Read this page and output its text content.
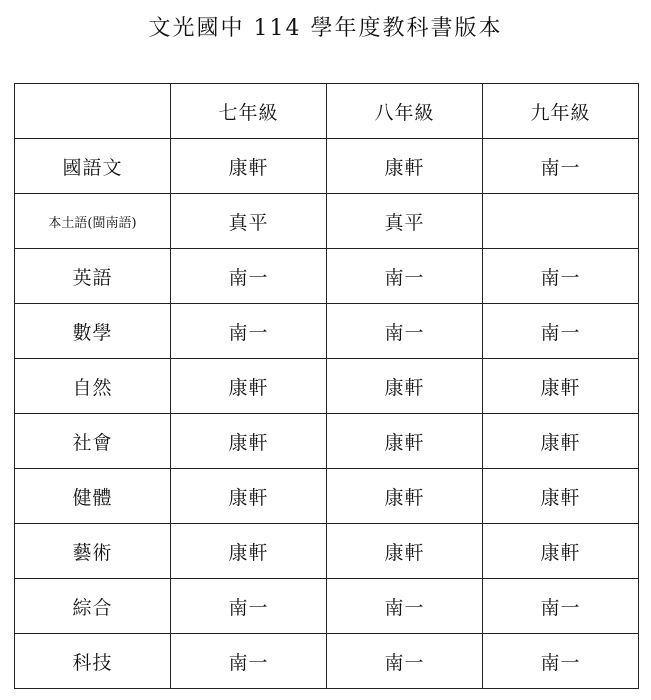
文光國中 114 學年度教科書版本
	七年級	八年級	九年級
國語文	康軒	康軒	南一
本土語(閩南語)	真平	真平	
英語	南一	南一	南一
數學	南一	南一	南一
自然	康軒	康軒	康軒
社會	康軒	康軒	康軒
健體	康軒	康軒	康軒
藝術	康軒	康軒	康軒
綜合	南一	南一	南一
科技	南一	南一	南一
